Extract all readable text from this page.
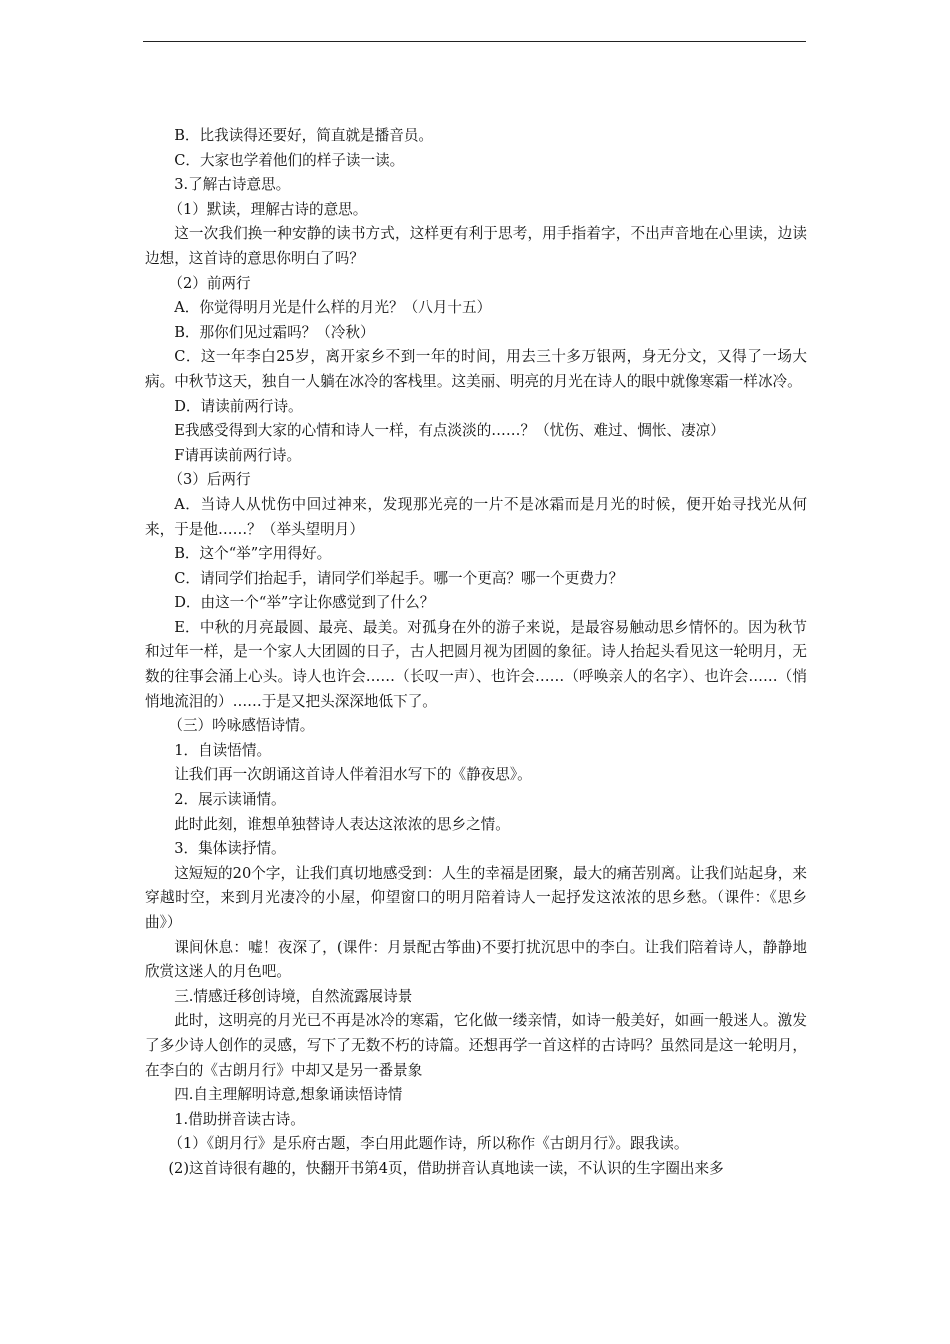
B．比我读得还要好，简直就是播音员。

C．大家也学着他们的样子读一读。

3.了解古诗意思。

（1）默读，理解古诗的意思。

这一次我们换一种安静的读书方式，这样更有利于思考，用手指着字，不出声音地在心里读，边读边想，这首诗的意思你明白了吗？

（2）前两行

A．你觉得明月光是什么样的月光？（八月十五）

B．那你们见过霜吗？（冷秋）

C．这一年李白25岁，离开家乡不到一年的时间，用去三十多万银两，身无分文，又得了一场大病。中秋节这天，独自一人躺在冰冷的客栈里。这美丽、明亮的月光在诗人的眼中就像寒霜一样冰冷。

D．请读前两行诗。

E我感受得到大家的心情和诗人一样，有点淡淡的……？（忧伤、难过、惆怅、凄凉）

F请再读前两行诗。

（3）后两行

A．当诗人从忧伤中回过神来，发现那光亮的一片不是冰霜而是月光的时候，便开始寻找光从何来，于是他……？（举头望明月）

B．这个“举”字用得好。

C．请同学们抬起手，请同学们举起手。哪一个更高？哪一个更费力？

D．由这一个“举”字让你感觉到了什么？

E．中秋的月亮最圆、最亮、最美。对孤身在外的游子来说，是最容易触动思乡情怀的。因为秋节和过年一样，是一个家人大团圆的日子，古人把圆月视为团圆的象征。诗人抬起头看见这一轮明月，无数的往事会涌上心头。诗人也许会……（长叹一声）、也许会……（呼唤亲人的名字）、也许会……（悄悄地流泪的）……于是又把头深深地低下了。

（三）吟咏感悟诗情。

1．自读悟情。

让我们再一次朗诵这首诗人伴着泪水写下的《静夜思》。

2．展示读诵情。

此时此刻，谁想单独替诗人表达这浓浓的思乡之情。

3．集体读抒情。

这短短的20个字，让我们真切地感受到：人生的幸福是团聚，最大的痛苦别离。让我们站起身，来穿越时空，来到月光凄冷的小屋，仰望窗口的明月陪着诗人一起抒发这浓浓的思乡愁。（课件：《思乡曲》）

课间休息：嘘！夜深了，(课件：月景配古筝曲)不要打扰沉思中的李白。让我们陪着诗人，静静地欣赏这迷人的月色吧。

三.情感迁移创诗境，自然流露展诗景

此时，这明亮的月光已不再是冰冷的寒霜，它化做一缕亲情，如诗一般美好，如画一般迷人。激发了多少诗人创作的灵感，写下了无数不朽的诗篇。还想再学一首这样的古诗吗？虽然同是这一轮明月，在李白的《古朗月行》中却又是另一番景象

四.自主理解明诗意,想象诵读悟诗情

1.借助拼音读古诗。

（1）《朗月行》是乐府古题，李白用此题作诗，所以称作《古朗月行》。跟我读。

(2)这首诗很有趣的，快翻开书第4页，借助拼音认真地读一读，不认识的生字圈出来多
